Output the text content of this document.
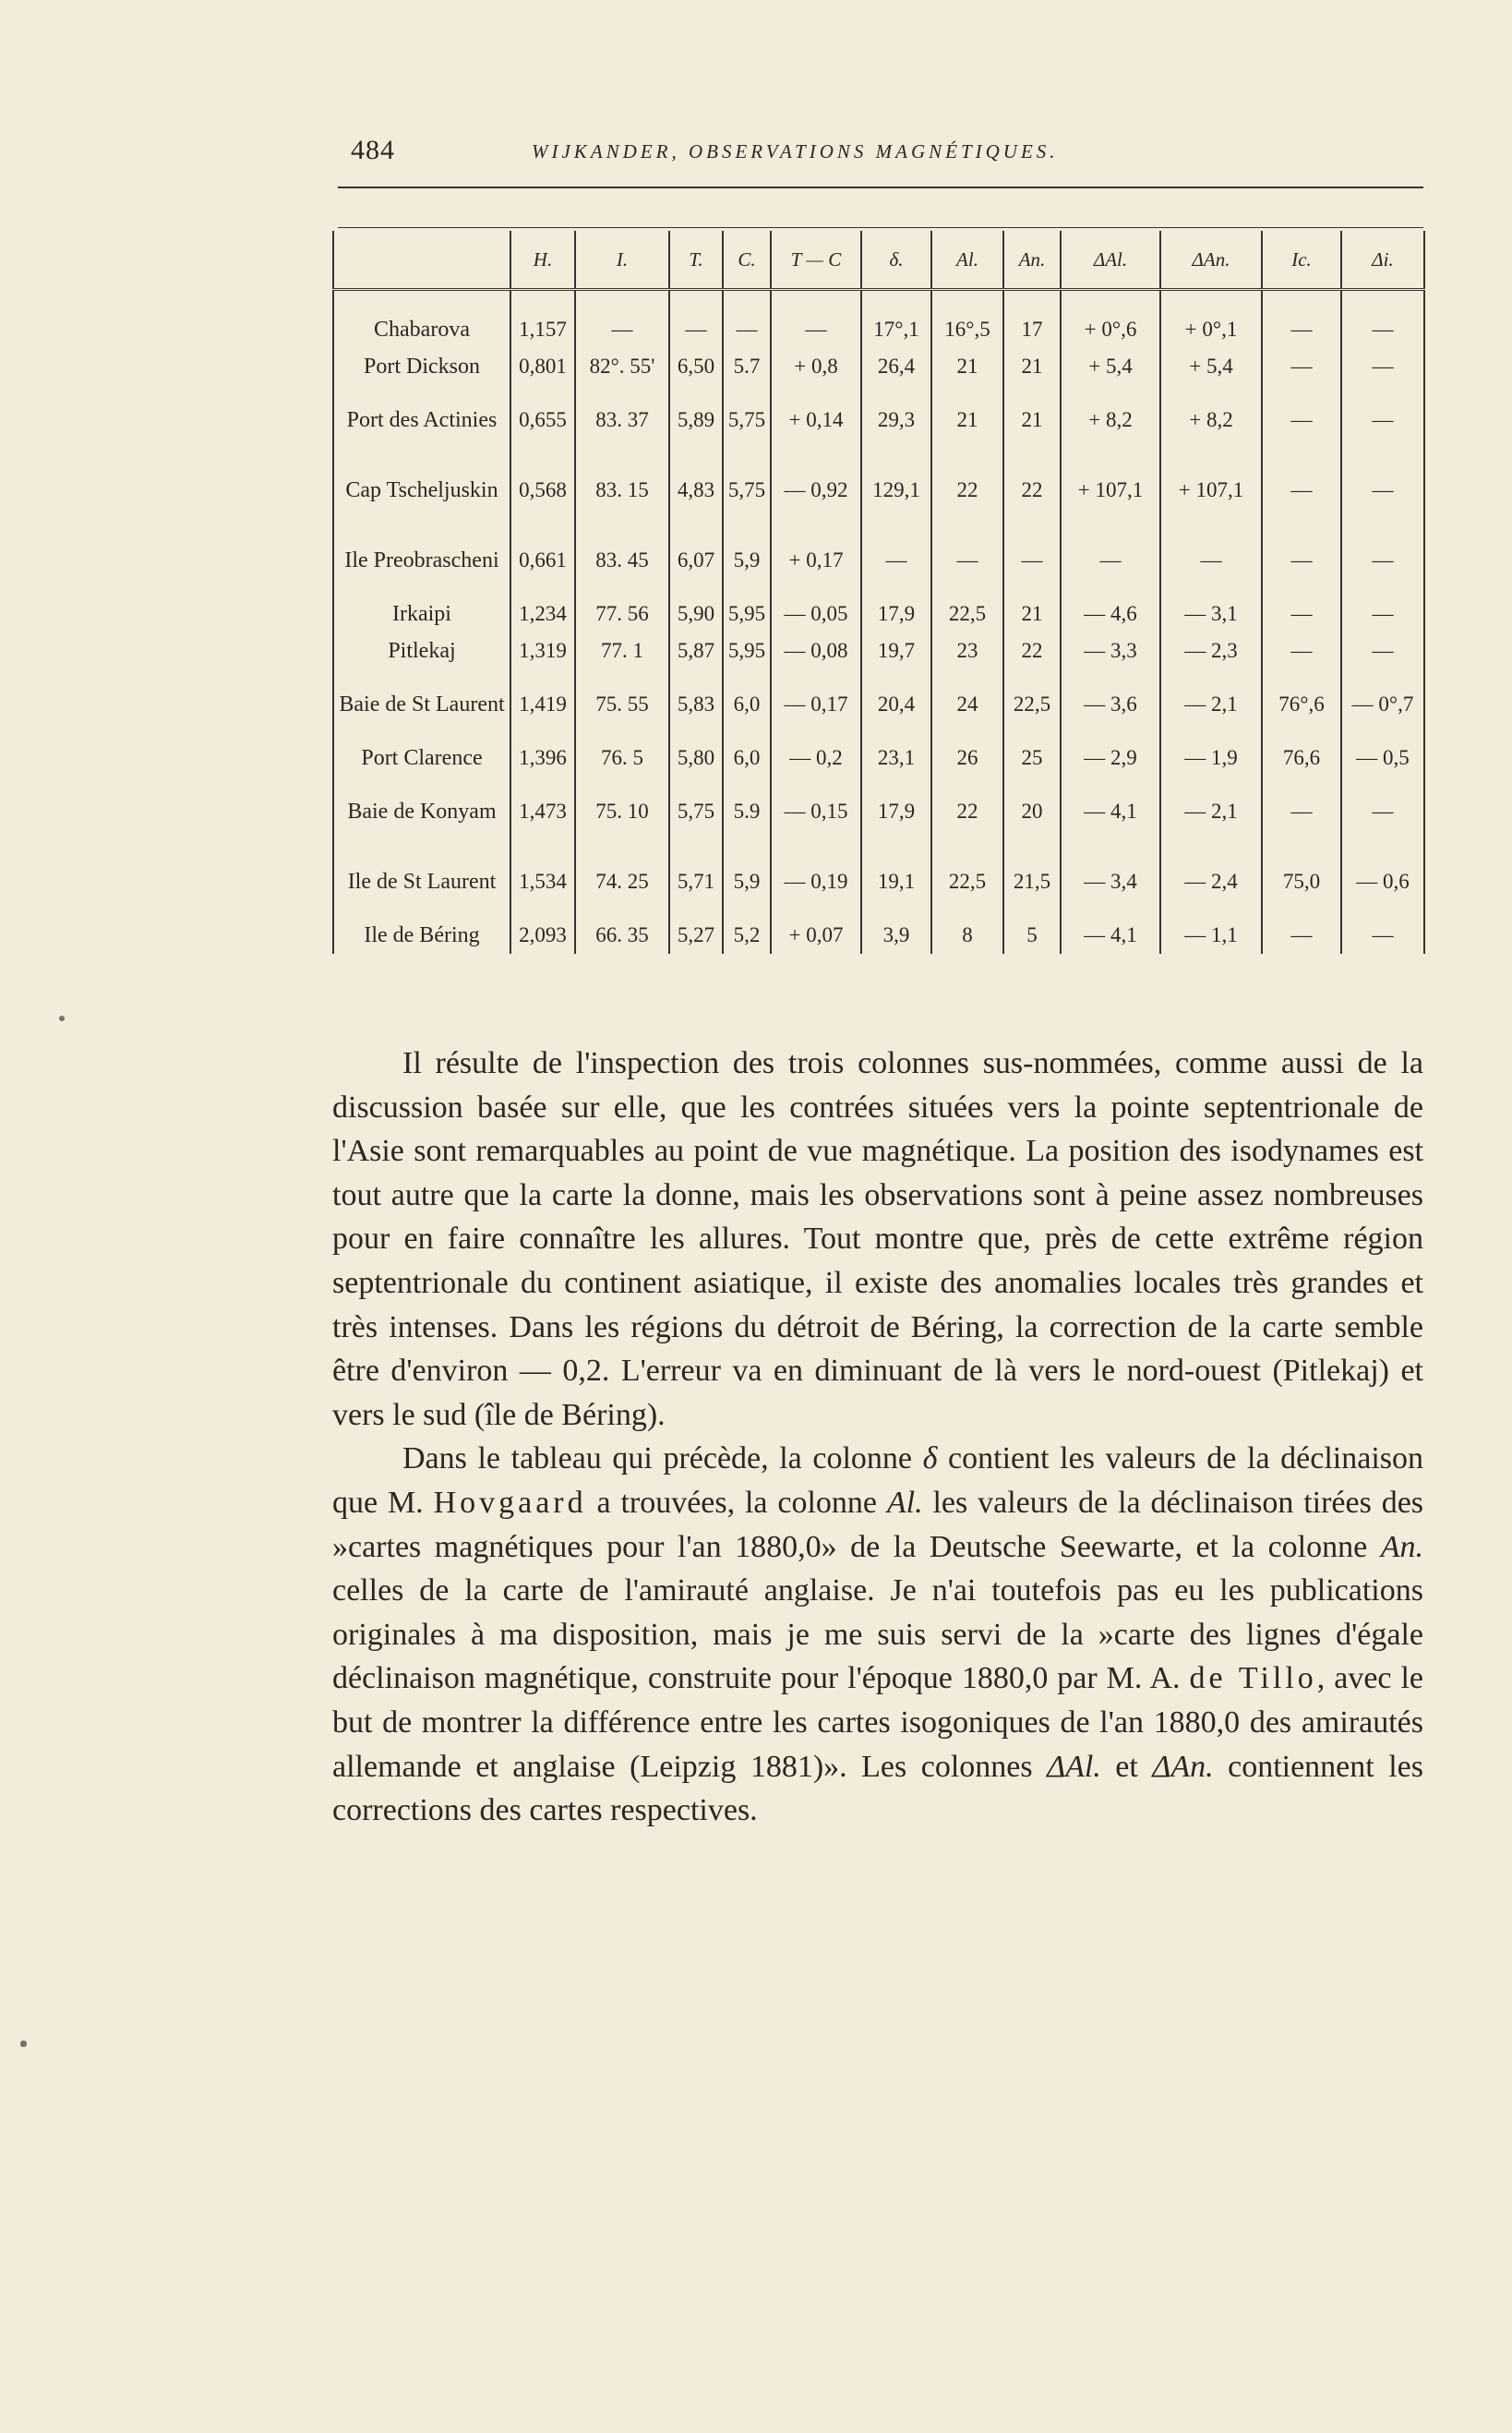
484	WIJKANDER, OBSERVATIONS MAGNÉTIQUES.
	H.	I.	T.	C.	T — C	δ.	Al.	An.	ΔAl.	ΔAn.	Ic.	Δi.

Chabarova	1,157	—	—	—	—	17°,1	16°,5	17	+ 0°,6	+ 0°,1	—	—
Port Dickson	0,801	82°. 55'	6,50	5.7	+ 0,8	26,4	21	21	+ 5,4	+ 5,4	—	—
Port des Actinies	0,655	83. 37	5,89	5,75	+ 0,14	29,3	21	21	+ 8,2	+ 8,2	—	—
Cap Tscheljuskin	0,568	83. 15	4,83	5,75	— 0,92	129,1	22	22	+ 107,1	+ 107,1	—	—
Ile Preobrascheni	0,661	83. 45	6,07	5,9	+ 0,17	—	—	—	—	—	—	—
Irkaipi	1,234	77. 56	5,90	5,95	— 0,05	17,9	22,5	21	— 4,6	— 3,1	—	—
Pitlekaj	1,319	77. 1	5,87	5,95	— 0,08	19,7	23	22	— 3,3	— 2,3	—	—
Baie de St Laurent	1,419	75. 55	5,83	6,0	— 0,17	20,4	24	22,5	— 3,6	— 2,1	76°,6	— 0°,7
Port Clarence	1,396	76. 5	5,80	6,0	— 0,2	23,1	26	25	— 2,9	— 1,9	76,6	— 0,5
Baie de Konyam	1,473	75. 10	5,75	5.9	— 0,15	17,9	22	20	— 4,1	— 2,1	—	—
Ile de St Laurent	1,534	74. 25	5,71	5,9	— 0,19	19,1	22,5	21,5	— 3,4	— 2,4	75,0	— 0,6
Ile de Béring	2,093	66. 35	5,27	5,2	+ 0,07	3,9	8	5	— 4,1	— 1,1	—	—

Il résulte de l'inspection des trois colonnes sus-nommées, comme aussi de la discussion basée sur elle, que les contrées situées vers la pointe septentrionale de l'Asie sont remarquables au point de vue magnétique. La position des isodynames est tout autre que la carte la donne, mais les observations sont à peine assez nombreuses pour en faire connaître les allures. Tout montre que, près de cette extrême région septentrionale du continent asiatique, il existe des anomalies locales très grandes et très intenses. Dans les régions du détroit de Béring, la correction de la carte semble être d'environ — 0,2. L'erreur va en diminuant de là vers le nord-ouest (Pitlekaj) et vers le sud (île de Béring).

Dans le tableau qui précède, la colonne δ contient les valeurs de la déclinaison que M. Hovgaard a trouvées, la colonne Al. les valeurs de la déclinaison tirées des »cartes magnétiques pour l'an 1880,0» de la Deutsche Seewarte, et la colonne An. celles de la carte de l'amirauté anglaise. Je n'ai toutefois pas eu les publications originales à ma disposition, mais je me suis servi de la »carte des lignes d'égale déclinaison magnétique, construite pour l'époque 1880,0 par M. A. de Tillo, avec le but de montrer la différence entre les cartes isogoniques de l'an 1880,0 des amirautés allemande et anglaise (Leipzig 1881)». Les colonnes ΔAl. et ΔAn. contiennent les corrections des cartes respectives.
